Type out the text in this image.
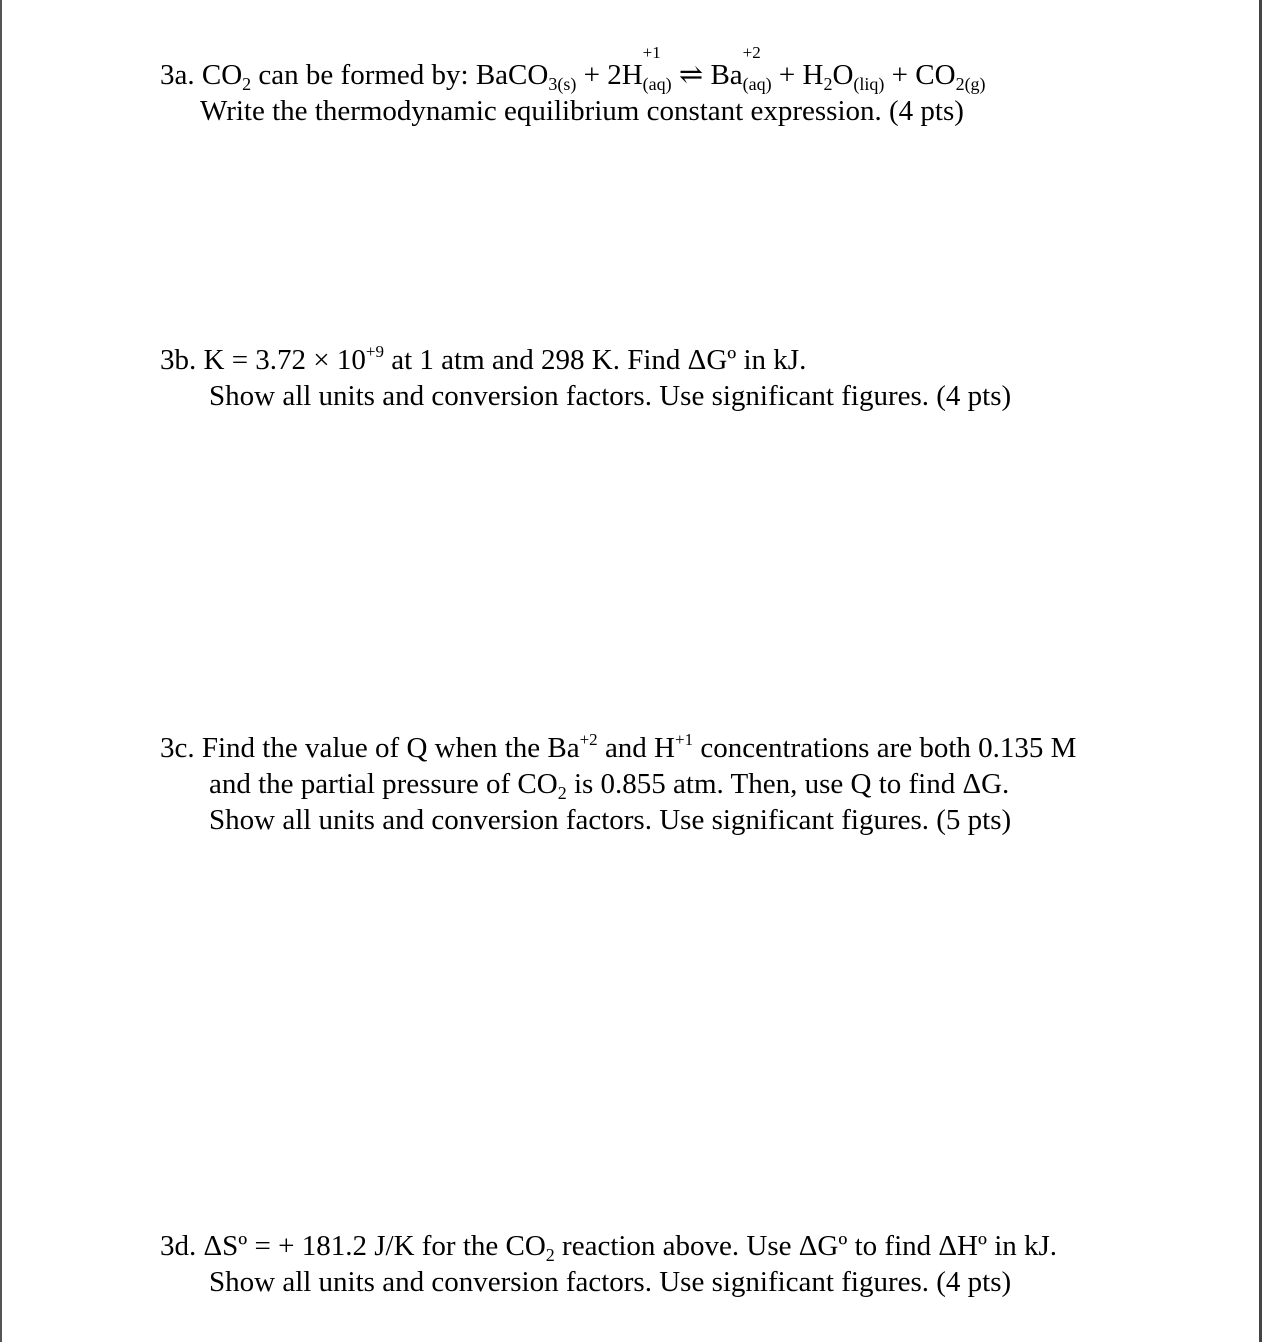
3a. $CO_2$ can be formed by: BaCO$_{3(s)}$ + 2H
+1
$_{(aq)}$ ⇌ Ba
+2
$_{(aq)} + H_2O_{(liq)} + CO_{2(g)}$
Write the thermodynamic equilibrium constant expression. (4 pts)
3b. $K = 3.72 \times 10^{+9}$ at 1 atm and 298 K. Find ΔGº in kJ.
Show all units and conversion factors. Use significant figures. (4 pts)
3c. Find the value of Q when the $Ba^{+2}$ and $H^{+1}$ concentrations are both 0.135 M
and the partial pressure of $CO_2$ is 0.855 atm. Then, use Q to find ΔG.
Show all units and conversion factors. Use significant figures. (5 pts)
3d. ΔSº = + 181.2 J/K for the $CO_2$ reaction above. Use ΔGº to find ΔHº in kJ.
Show all units and conversion factors. Use significant figures. (4 pts)
